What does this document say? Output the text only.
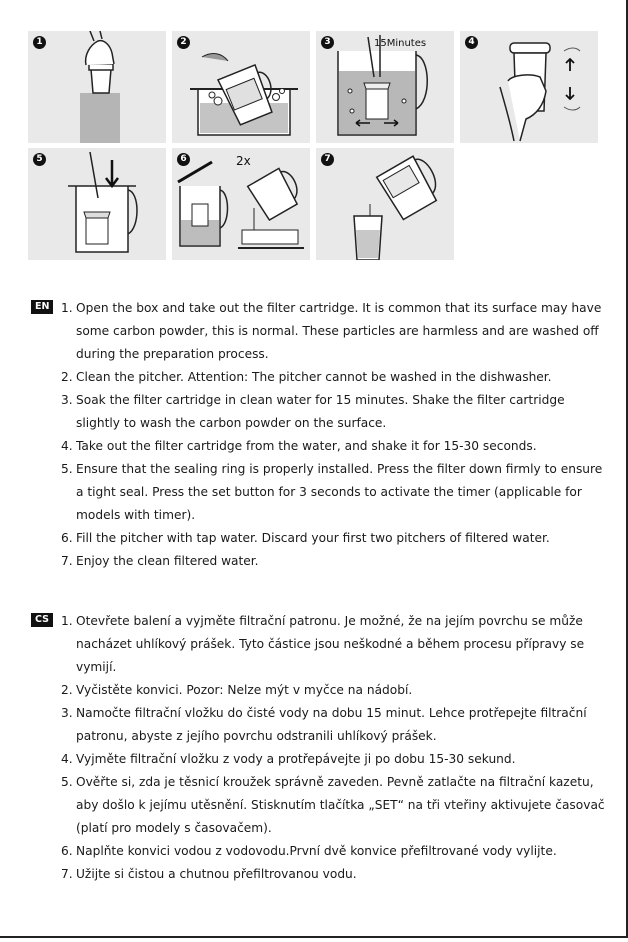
1	2	3	15Minutes	4
5	6	2x	7
EN 1. Open the box and take out the filter cartridge. It is common that its surface may have some carbon powder, this is normal. These particles are harmless and are washed off during the preparation process.
2. Clean the pitcher. Attention: The pitcher cannot be washed in the dishwasher.
3. Soak the filter cartridge in clean water for 15 minutes. Shake the filter cartridge slightly to wash the carbon powder on the surface.
4. Take out the filter cartridge from the water, and shake it for 15-30 seconds.
5. Ensure that the sealing ring is properly installed. Press the filter down firmly to ensure a tight seal. Press the set button for 3 seconds to activate the timer (applicable for models with timer).
6. Fill the pitcher with tap water. Discard your first two pitchers of filtered water.
7. Enjoy the clean filtered water.
CS 1. Otevřete balení a vyjměte filtrační patronu. Je možné, že na jejím povrchu se může nacházet uhlíkový prášek. Tyto částice jsou neškodné a během procesu přípravy se vymijí.
2. Vyčistěte konvici. Pozor: Nelze mýt v myčce na nádobí.
3. Namočte filtrační vložku do čisté vody na dobu 15 minut. Lehce protřepejte filtrační patronu, abyste z jejího povrchu odstranili uhlíkový prášek.
4. Vyjměte filtrační vložku z vody a protřepávejte ji po dobu 15-30 sekund.
5. Ověřte si, zda je těsnicí kroužek správně zaveden. Pevně zatlačte na filtrační kazetu, aby došlo k jejímu utěsnění. Stisknutím tlačítka „SET“ na tři vteřiny aktivujete časovač (platí pro modely s časovačem).
6. Naplňte konvici vodou z vodovodu.První dvě konvice přefiltrované vody vylijte.
7. Užijte si čistou a chutnou přefiltrovanou vodu.
